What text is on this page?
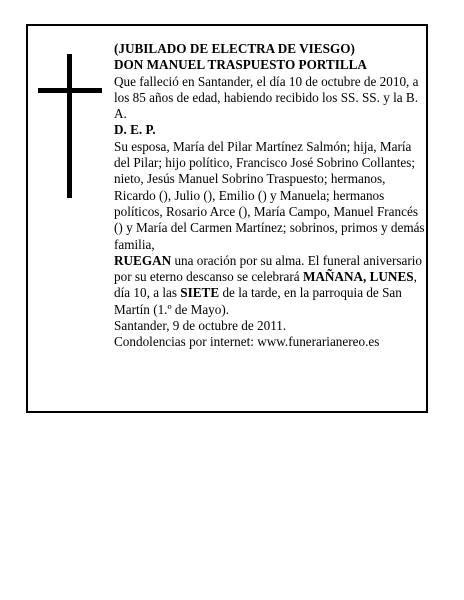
(JUBILADO DE ELECTRA DE VIESGO)

DON MANUEL TRASPUESTO PORTILLA

Que falleció en Santander, el día 10 de octubre de 2010, a los 85 años de edad, habiendo recibido los SS. SS. y la B. A.

D. E. P.

Su esposa, María del Pilar Martínez Salmón; hija, María del Pilar; hijo político, Francisco José Sobrino Collantes; nieto, Jesús Manuel Sobrino Traspuesto; hermanos, Ricardo (), Julio (), Emilio () y Manuela; hermanos políticos, Rosario Arce (), María Campo, Manuel Francés () y María del Carmen Martínez; sobrinos, primos y demás familia,

RUEGAN una oración por su alma. El funeral aniversario por su eterno descanso se celebrará MAÑANA, LUNES, día 10, a las SIETE de la tarde, en la parroquia de San Martín (1.º de Mayo).

Santander, 9 de octubre de 2011.

Condolencias por internet: www.funerarianereo.es
